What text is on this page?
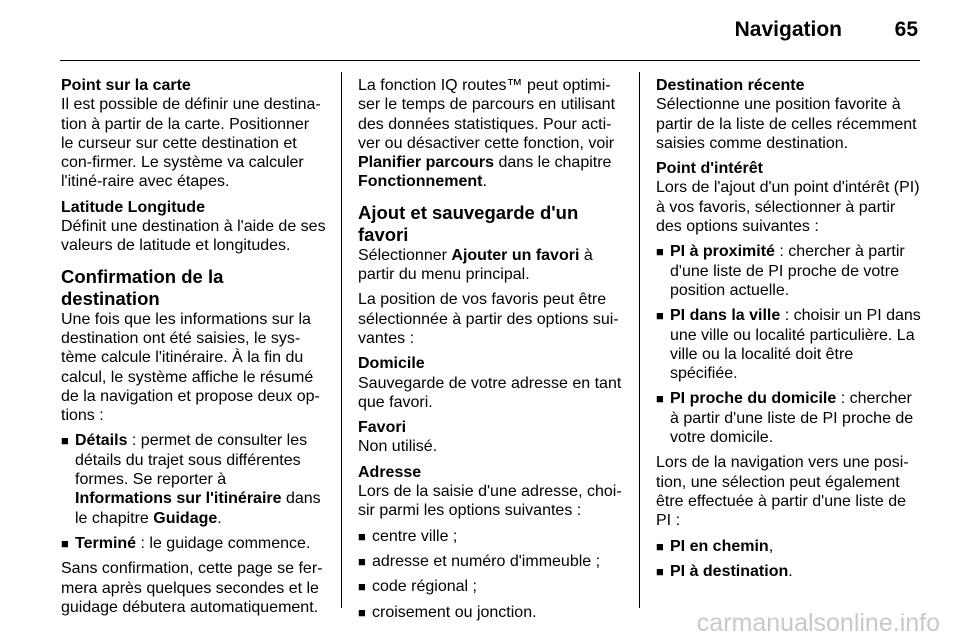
Navigation	65
Point sur la carte
Il est possible de définir une destina-tion à partir de la carte. Positionner le curseur sur cette destination et con-firmer. Le système va calculer l'itiné-raire avec étapes.
Latitude Longitude
Définit une destination à l'aide de ses valeurs de latitude et longitudes.
Confirmation de la destination

Une fois que les informations sur la destination ont été saisies, le sys-tème calcule l'itinéraire. À la fin du calcul, le système affiche le résumé de la navigation et propose deux op-tions :

■ Détails : permet de consulter les détails du trajet sous différentes formes. Se reporter à Informations sur l'itinéraire dans le chapitre Guidage.
■ Terminé : le guidage commence.

Sans confirmation, cette page se fer-mera après quelques secondes et le guidage débutera automatiquement.

La fonction IQ routes™ peut optimi-ser le temps de parcours en utilisant des données statistiques. Pour acti-ver ou désactiver cette fonction, voir Planifier parcours dans le chapitre Fonctionnement.

Ajout et sauvegarde d'un favori

Sélectionner Ajouter un favori à partir du menu principal.

La position de vos favoris peut être sélectionnée à partir des options sui-vantes :

Domicile
Sauvegarde de votre adresse en tant que favori.
Favori
Non utilisé.
Adresse
Lors de la saisie d'une adresse, choi-sir parmi les options suivantes :
■ centre ville ;
■ adresse et numéro d'immeuble ;
■ code régional ;
■ croisement ou jonction.
Destination récente
Sélectionne une position favorite à partir de la liste de celles récemment saisies comme destination.
Point d'intérêt
Lors de l'ajout d'un point d'intérêt (PI) à vos favoris, sélectionner à partir des options suivantes :
■ PI à proximité : chercher à partir d'une liste de PI proche de votre position actuelle.
■ PI dans la ville : choisir un PI dans une ville ou localité particulière. La ville ou la localité doit être spécifiée.
■ PI proche du domicile : chercher à partir d'une liste de PI proche de votre domicile.

Lors de la navigation vers une posi-tion, une sélection peut également être effectuée à partir d'une liste de PI :

■ PI en chemin,
■ PI à destination.
carmanualsonline.info
